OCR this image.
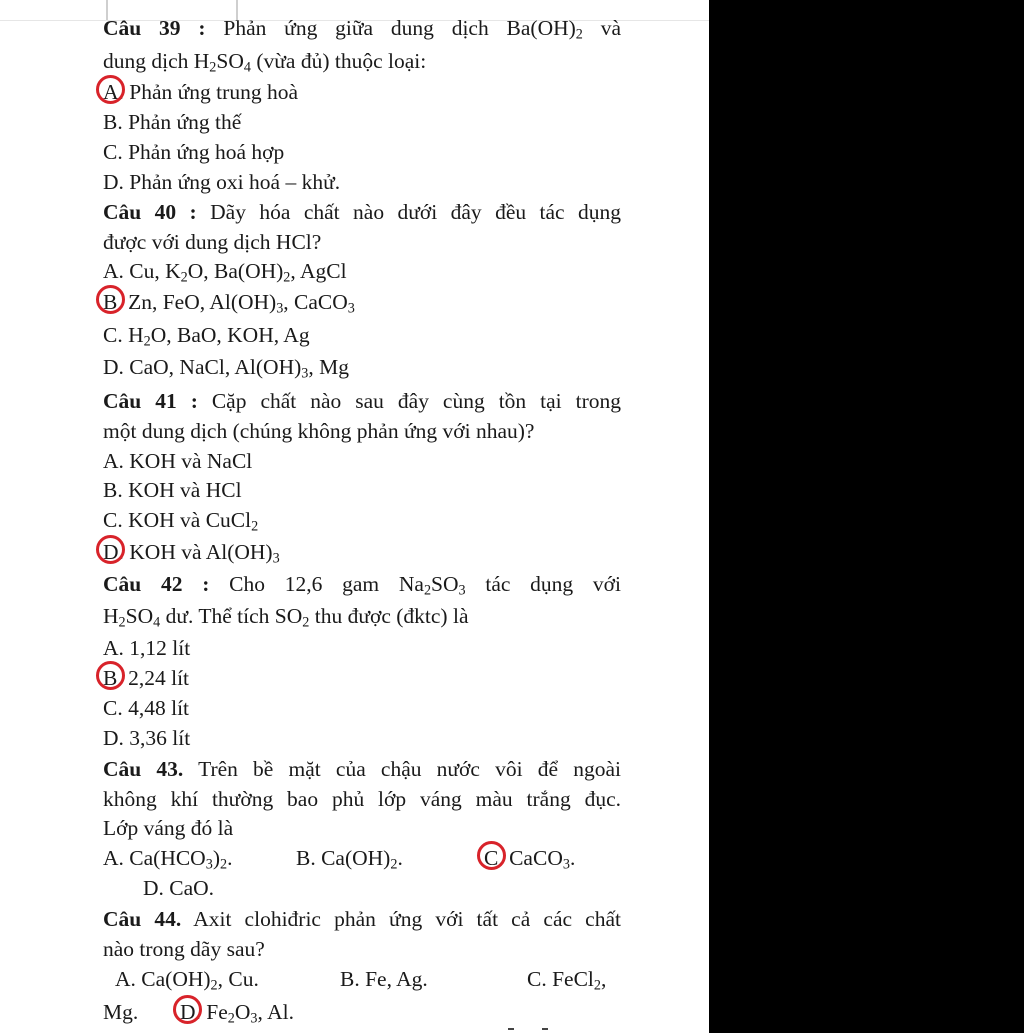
Câu 39 : Phản ứng giữa dung dịch $Ba(OH)_2$ và
dung dịch $H_2SO_4$ (vừa đủ) thuộc loại:
A. Phản ứng trung hoà
B. Phản ứng thế
C. Phản ứng hoá hợp
D. Phản ứng oxi hoá – khử.
Câu 40 : Dãy hóa chất nào dưới đây đều tác dụng
được với dung dịch HCl?
A. Cu, $K_2O$, $Ba(OH)_2$, AgCl
B. Zn, FeO, $Al(OH)_3$, CaCO$_3$
C. $H_2O$, BaO, KOH, Ag
D. CaO, NaCl, $Al(OH)_3$, Mg
Câu 41 : Cặp chất nào sau đây cùng tồn tại trong
một dung dịch (chúng không phản ứng với nhau)?
A. KOH và NaCl
B. KOH và HCl
C. KOH và CuCl$_2$
D. KOH và $Al(OH)_3$
Câu 42 : Cho 12,6 gam $Na_2SO_3$ tác dụng với
$H_2SO_4$ dư. Thể tích $SO_2$ thu được (đktc) là
A. 1,12 lít
B. 2,24 lít
C. 4,48 lít
D. 3,36 lít
Câu 43. Trên bề mặt của chậu nước vôi để ngoài
không khí thường bao phủ lớp váng màu trắng đục.
Lớp váng đó là
A. $Ca(HCO_3)_2$.	B. $Ca(OH)_2$.	C. CaCO$_3$.
D. CaO.
Câu 44. Axit clohiđric phản ứng với tất cả các chất
nào trong dãy sau?
A. $Ca(OH)_2$, Cu.	B. Fe, Ag.	C. FeCl$_2$,
Mg. D. $Fe_2O_3$, Al.
